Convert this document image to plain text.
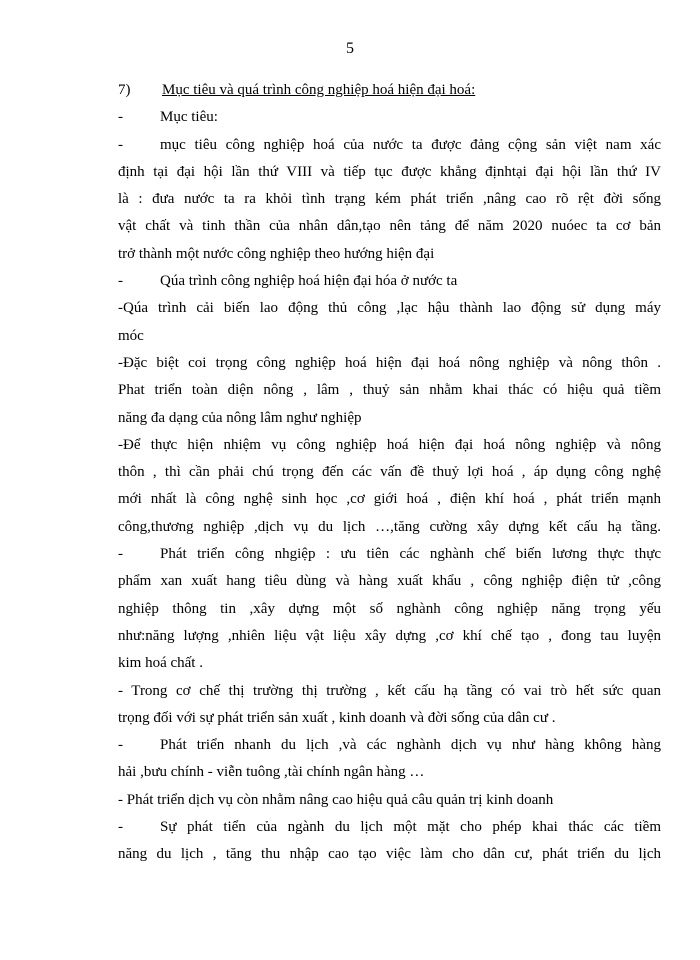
5
7) Mục tiêu và quá trình công nghiệp hoá hiện đại hoá:
- Mục tiêu:
- mục tiêu công nghiệp hoá của nước ta được đảng cộng sản việt nam xác
định tại đại hội lần thứ VIII và tiếp tục được khẳng địnhtại đại hội lần thứ IV
là : đưa nước ta ra khỏi tình trạng kém phát triển ,nâng cao rõ rệt đời sống
vật chất và tinh thần của nhân dân,tạo nên tảng để năm 2020 nuóec ta cơ bản
trở thành một nước công nghiệp theo hướng hiện đại
- Qúa trình công nghiệp hoá hiện đại hóa ở nước ta
-Qúa trình cải biến lao động thủ công ,lạc hậu thành lao động sử dụng máy
móc
-Đặc biệt coi trọng công nghiệp hoá hiện đại hoá nông nghiệp và nông thôn .
Phat triển toàn diện nông , lâm , thuỷ sản nhằm khai thác có hiệu quả tiềm
năng đa dạng của nông lâm nghư nghiệp
-Để thực hiện nhiệm vụ công nghiệp hoá hiện đại hoá nông nghiệp và nông
thôn , thì cần phải chú trọng đến các vấn đề thuỷ lợi hoá , áp dụng công nghệ
mới nhất là công nghệ sinh học ,cơ giới hoá , điện khí hoá , phát triển mạnh
công,thương nghiệp ,dịch vụ du lịch …,tăng cường xây dựng kết cấu hạ tầng.
- Phát triển công nhgiệp : ưu tiên các nghành chế biến lương thực thực
phẩm xan xuất hang tiêu dùng và hàng xuất khẩu , công nghiệp điện tử ,công
nghiệp thông tin ,xây dựng một số nghành công nghiệp năng trọng yếu
như:năng lượng ,nhiên liệu vật liệu xây dựng ,cơ khí chế tạo , đong tau luyện
kim hoá chất .
- Trong cơ chế thị trường thị trường , kết cấu hạ tầng có vai trò hết sức quan
trọng đối với sự phát triển sản xuất , kinh doanh và đời sống của dân cư .
- Phát triển nhanh du lịch ,và các nghành dịch vụ như hàng không hàng
hải ,bưu chính - viễn tuông ,tài chính ngân hàng …
- Phát triển dịch vụ còn nhằm nâng cao hiệu quả câu quản trị kinh doanh
- Sự phát tiển của ngành du lịch một mặt cho phép khai thác các tiềm
năng du lịch , tăng thu nhập cao tạo việc làm cho dân cư, phát triển du lịch
